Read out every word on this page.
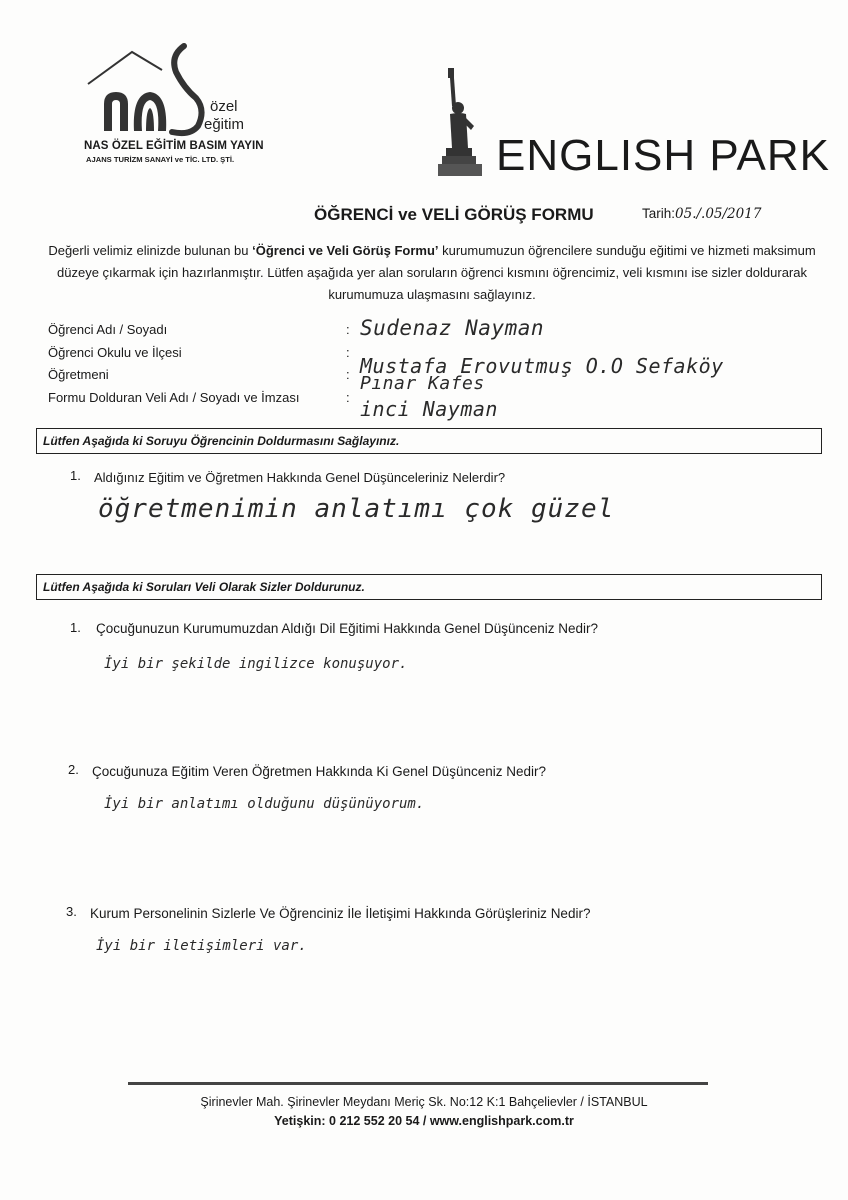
özel
eğitim
NAS ÖZEL EĞİTİM BASIM YAYIN
AJANS TURİZM SANAYİ ve TİC. LTD. ŞTİ.	ENGLISH PARK
ÖĞRENCİ ve VELİ GÖRÜŞ FORMU	Tarih:05./.05/2017
Değerli velimiz elinizde bulunan bu ‘Öğrenci ve Veli Görüş Formu’ kurumumuzun öğrencilere sunduğu eğitimi ve hizmeti maksimum düzeye çıkarmak için hazırlanmıştır. Lütfen aşağıda yer alan soruların öğrenci kısmını öğrencimiz, veli kısmını ise sizler doldurarak kurumumuza ulaşmasını sağlayınız.
Öğrenci Adı / Soyadı
Öğrenci Okulu ve İlçesi
Öğretmeni
Formu Dolduran Veli Adı / Soyadı ve İmzası
:
:
:
:
Sudenaz Nayman
Mustafa Erovutmuş O.O Sefaköy
Pınar Kafes
inci Nayman
Lütfen Aşağıda ki Soruyu Öğrencinin Doldurmasını Sağlayınız.
1. Aldığınız Eğitim ve Öğretmen Hakkında Genel Düşünceleriniz Nelerdir?
öğretmenimin anlatımı çok güzel
Lütfen Aşağıda ki Soruları Veli Olarak Sizler Doldurunuz.
1. Çocuğunuzun Kurumumuzdan Aldığı Dil Eğitimi Hakkında Genel Düşünceniz Nedir?
İyi bir şekilde ingilizce konuşuyor.
2. Çocuğunuza Eğitim Veren Öğretmen Hakkında Ki Genel Düşünceniz Nedir?
İyi bir anlatımı olduğunu düşünüyorum.
3. Kurum Personelinin Sizlerle Ve Öğrenciniz İle İletişimi Hakkında Görüşleriniz Nedir?
İyi bir iletişimleri var.
Şirinevler Mah. Şirinevler Meydanı Meriç Sk. No:12 K:1 Bahçelievler / İSTANBUL
Yetişkin: 0 212 552 20 54 / www.englishpark.com.tr
